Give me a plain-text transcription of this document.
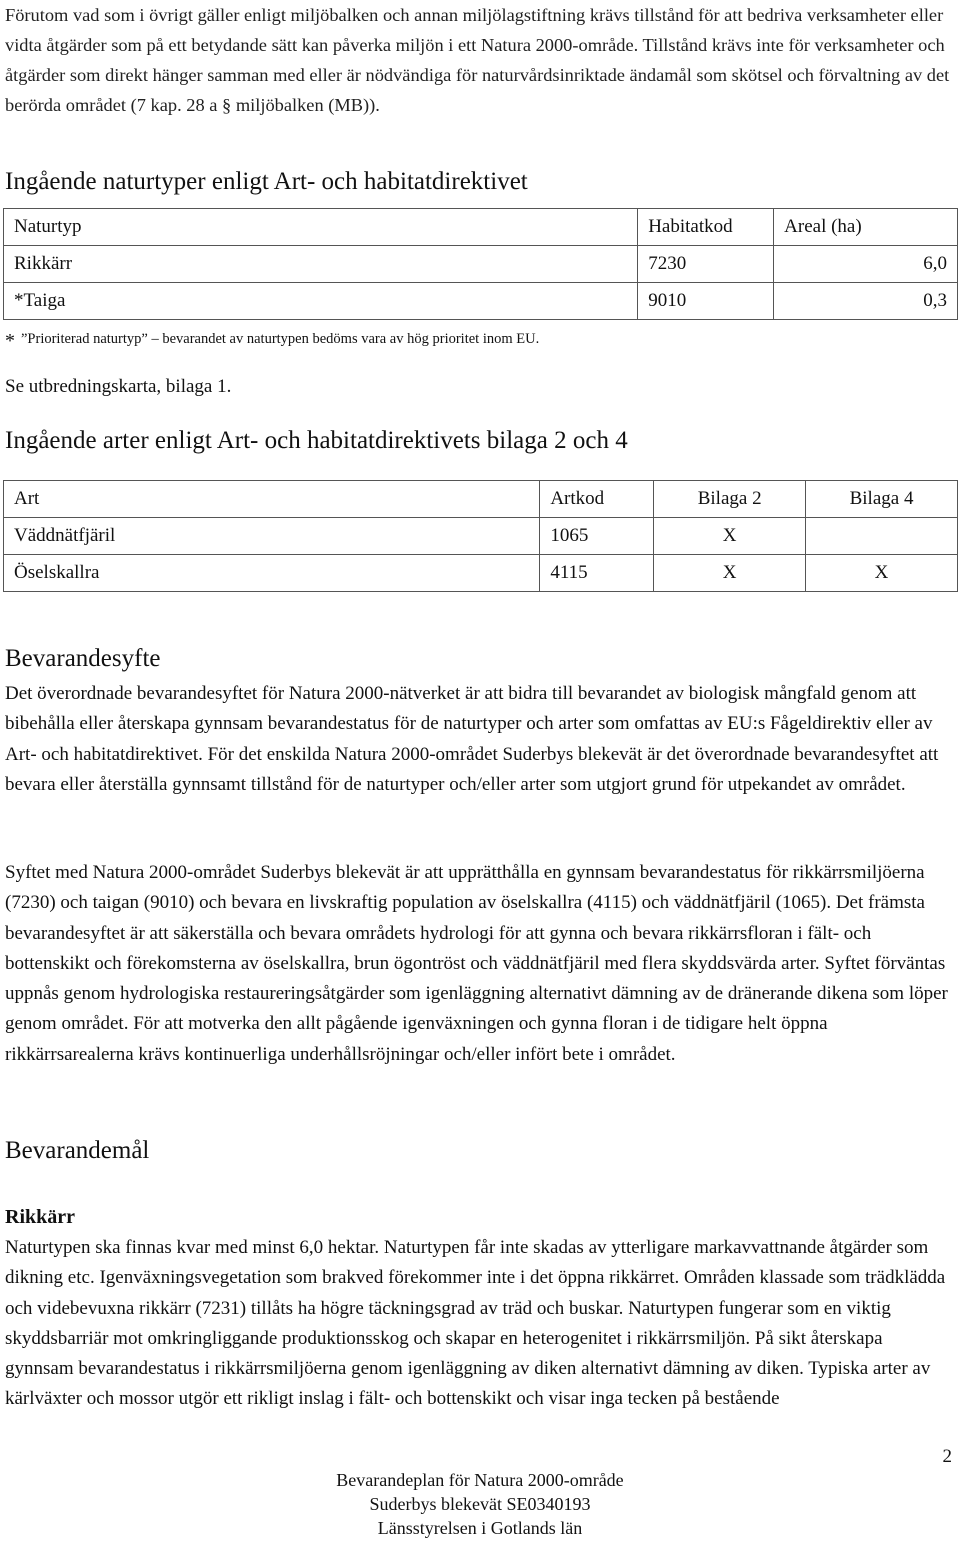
Förutom vad som i övrigt gäller enligt miljöbalken och annan miljölagstiftning krävs tillstånd för att bedriva verksamheter eller vidta åtgärder som på ett betydande sätt kan påverka miljön i ett Natura 2000-område. Tillstånd krävs inte för verksamheter och åtgärder som direkt hänger samman med eller är nödvändiga för naturvårdsinriktade ändamål som skötsel och förvaltning av det berörda området (7 kap. 28 a § miljöbalken (MB)).

Ingående naturtyper enligt Art- och habitatdirektivet
Naturtyp	Habitatkod	Areal (ha)
Rikkärr	7230	6,0
*Taiga	9010	0,3
* ”Prioriterad naturtyp” – bevarandet av naturtypen bedöms vara av hög prioritet inom EU.
Se utbredningskarta, bilaga 1.
Ingående arter enligt Art- och habitatdirektivets bilaga 2 och 4
Art	Artkod	Bilaga 2	Bilaga 4
Väddnätfjäril	1065	X	
Öselskallra	4115	X	X
Bevarandesyfte

Det överordnade bevarandesyftet för Natura 2000-nätverket är att bidra till bevarandet av biologisk mångfald genom att bibehålla eller återskapa gynnsam bevarandestatus för de naturtyper och arter som omfattas av EU:s Fågeldirektiv eller av Art- och habitatdirektivet. För det enskilda Natura 2000-området Suderbys blekevät är det överordnade bevarandesyftet att bevara eller återställa gynnsamt tillstånd för de naturtyper och/eller arter som utgjort grund för utpekandet av området.

Syftet med Natura 2000-området Suderbys blekevät är att upprätthålla en gynnsam bevarandestatus för rikkärrsmiljöerna (7230) och taigan (9010) och bevara en livskraftig population av öselskallra (4115) och väddnätfjäril (1065). Det främsta bevarandesyftet är att säkerställa och bevara områdets hydrologi för att gynna och bevara rikkärrsfloran i fält- och bottenskikt och förekomsterna av öselskallra, brun ögontröst och väddnätfjäril med flera skyddsvärda arter. Syftet förväntas uppnås genom hydrologiska restaureringsåtgärder som igenläggning alternativt dämning av de dränerande dikena som löper genom området. För att motverka den allt pågående igenväxningen och gynna floran i de tidigare helt öppna rikkärrsarealerna krävs kontinuerliga underhållsröjningar och/eller infört bete i området.

Bevarandemål
Rikkärr

Naturtypen ska finnas kvar med minst 6,0 hektar. Naturtypen får inte skadas av ytterligare markavvattnande åtgärder som dikning etc. Igenväxningsvegetation som brakved förekommer inte i det öppna rikkärret. Områden klassade som trädklädda och videbevuxna rikkärr (7231) tillåts ha högre täckningsgrad av träd och buskar. Naturtypen fungerar som en viktig skyddsbarriär mot omkringliggande produktionsskog och skapar en heterogenitet i rikkärrsmiljön. På sikt återskapa gynnsam bevarandestatus i rikkärrsmiljöerna genom igenläggning av diken alternativt dämning av diken. Typiska arter av kärlväxter och mossor utgör ett rikligt inslag i fält- och bottenskikt och visar inga tecken på bestående

2
Bevarandeplan för Natura 2000-område
Suderbys blekevät SE0340193
Länsstyrelsen i Gotlands län
